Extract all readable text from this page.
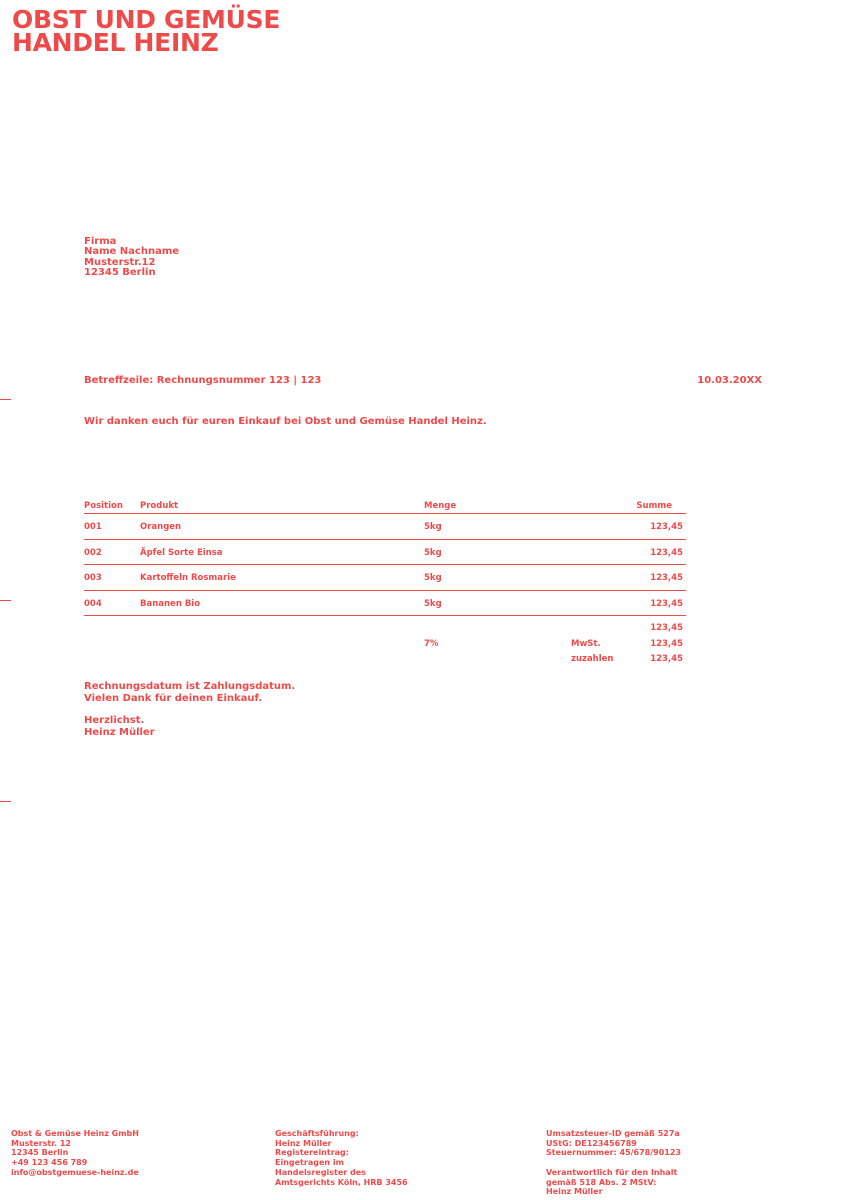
OBST UND GEMÜSE
HANDEL HEINZ
Firma
Name Nachname
Musterstr.12
12345 Berlin
Betreffzeile: Rechnungsnummer 123 | 123	10.03.20XX
Wir danken euch für euren Einkauf bei Obst und Gemüse Handel Heinz.
Position Produkt	Menge	Summe
001	Orangen	5kg	123,45
002	Äpfel Sorte Einsa	5kg	123,45
003	Kartoffeln Rosmarie	5kg	123,45
004	Bananen Bio	5kg	123,45
123,45
7%	MwSt.	123,45
zuzahlen	123,45
Rechnungsdatum ist Zahlungsdatum.
Vielen Dank für deinen Einkauf.
Herzlichst.
Heinz Müller
Obst & Gemüse Heinz GmbH
Musterstr. 12
12345 Berlin
+49 123 456 789
info@obstgemuese-heinz.de
Geschäftsführung:
Heinz Müller
Registereintrag:
Eingetragen im
Handelsregister des
Amtsgerichts Köln, HRB 3456
Umsatzsteuer-ID gemäß 527a
UStG: DE123456789
Steuernummer: 45/678/90123
Verantwortlich für den Inhalt
gemäß 518 Abs. 2 MStV:
Heinz Müller
